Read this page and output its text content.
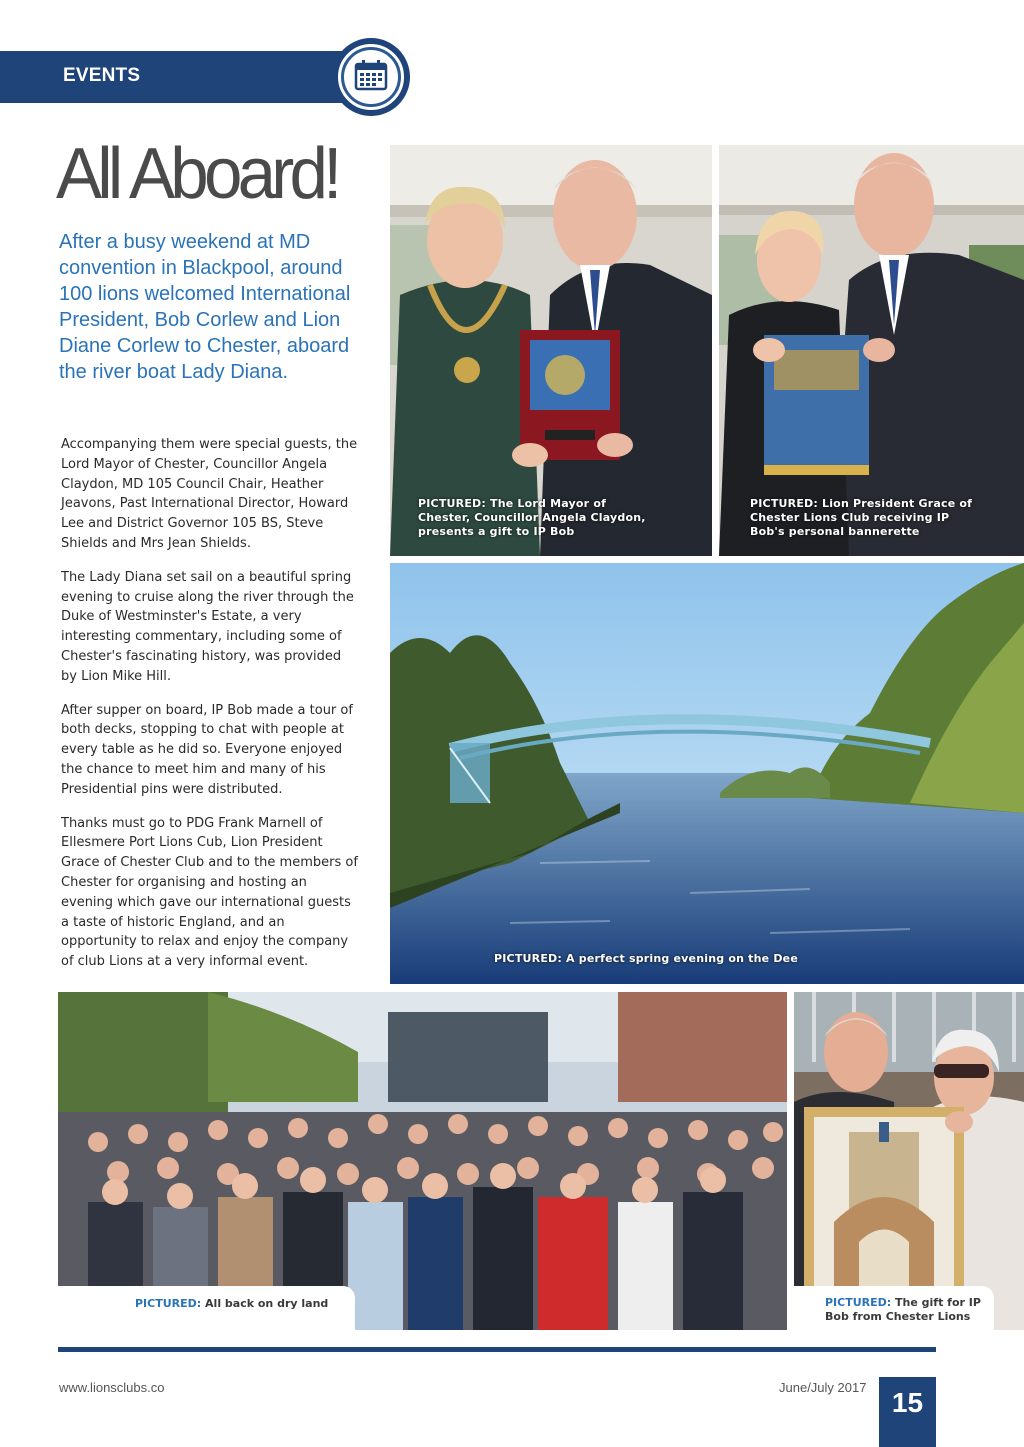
EVENTS
All Aboard!

After a busy weekend at MD convention in Blackpool, around 100 lions welcomed International President, Bob Corlew and Lion Diane Corlew to Chester, aboard the river boat Lady Diana.

Accompanying them were special guests, the Lord Mayor of Chester, Councillor Angela Claydon, MD 105 Council Chair, Heather Jeavons, Past International Director, Howard Lee and District Governor 105 BS, Steve Shields and Mrs Jean Shields.

The Lady Diana set sail on a beautiful spring evening to cruise along the river through the Duke of Westminster's Estate, a very interesting commentary, including some of Chester's fascinating history, was provided by Lion Mike Hill.

After supper on board, IP Bob made a tour of both decks, stopping to chat with people at every table as he did so. Everyone enjoyed the chance to meet him and many of his Presidential pins were distributed.

Thanks must go to PDG Frank Marnell of Ellesmere Port Lions Cub, Lion President Grace of Chester Club and to the members of Chester for organising and hosting an evening which gave our international guests a taste of historic England, and an opportunity to relax and enjoy the company of club Lions at a very informal event.

PICTURED: The Lord Mayor of Chester, Councillor Angela Claydon, presents a gift to IP Bob
PICTURED: Lion President Grace of Chester Lions Club receiving IP Bob's personal bannerette
PICTURED: A perfect spring evening on the Dee
PICTURED: All back on dry land	PICTURED: The gift for IP Bob from Chester Lions
www.lionsclubs.co	June/July 2017 15
